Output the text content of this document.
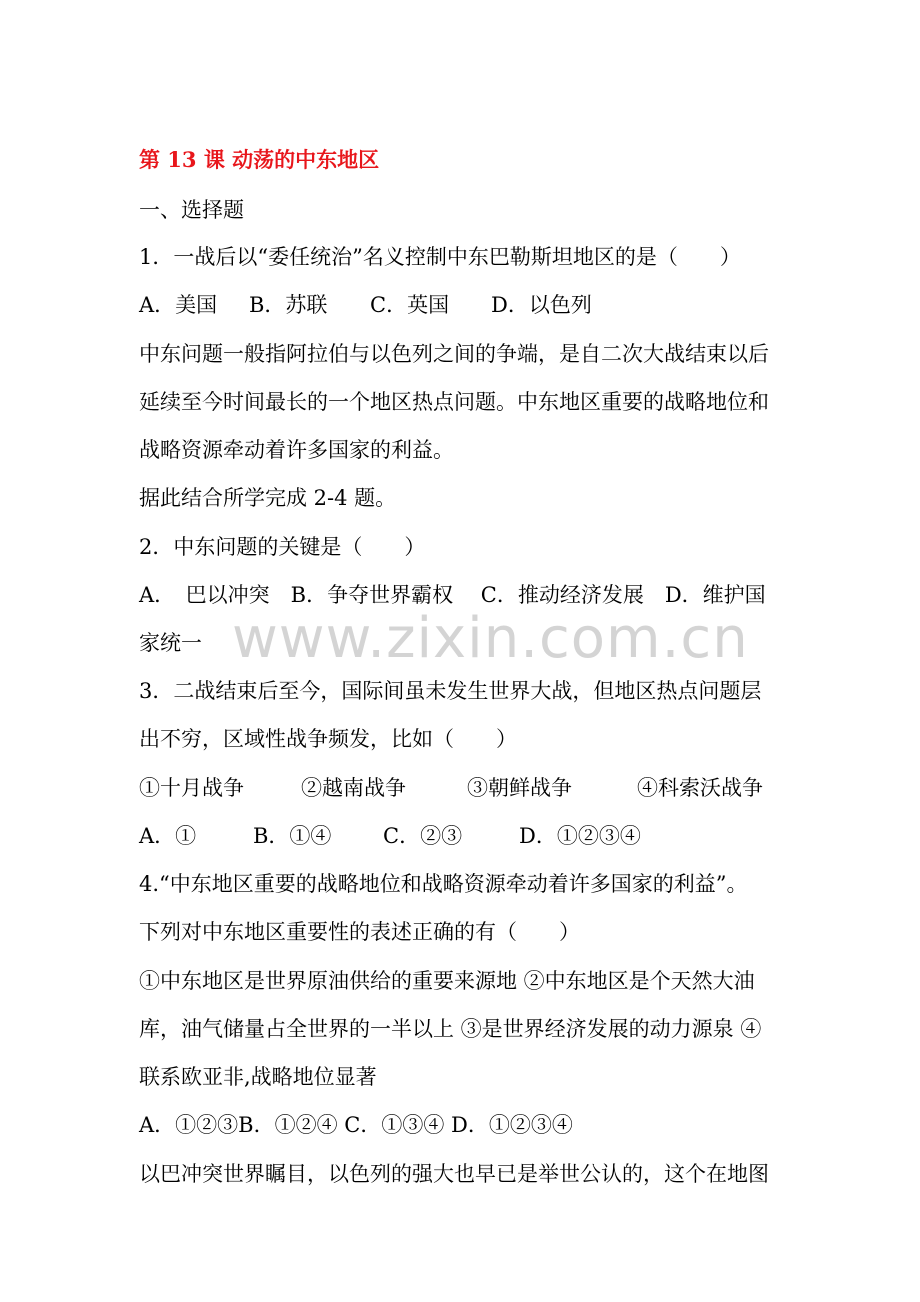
第 13 课 动荡的中东地区
一、选择题
1．一战后以“委任统治”名义控制中东巴勒斯坦地区的是（　　）
A．美国 B．苏联 C．英国 D．以色列
中东问题一般指阿拉伯与以色列之间的争端，是自二次大战结束以后
延续至今时间最长的一个地区热点问题。中东地区重要的战略地位和
战略资源牵动着许多国家的利益。
据此结合所学完成 2-4 题。
2．中东问题的关键是（　　）
A．　巴以冲突　B．争夺世界霸权　 C．推动经济发展　D．维护国
家统一
3．二战结束后至今，国际间虽未发生世界大战，但地区热点问题层
出不穷，区域性战争频发，比如（　　）
①十月战争	②越南战争	③朝鲜战争	④科索沃战争
A．①	B．①④ C．②③	D．①②③④
4.“中东地区重要的战略地位和战略资源牵动着许多国家的利益”。
下列对中东地区重要性的表述正确的有（　　）
①中东地区是世界原油供给的重要来源地 ②中东地区是个天然大油
库，油气储量占全世界的一半以上 ③是世界经济发展的动力源泉 ④
联系欧亚非,战略地位显著
A．①②③B．①②④ C．①③④ D．①②③④
以巴冲突世界瞩目，以色列的强大也早已是举世公认的，这个在地图
www.zixin.com.cn
